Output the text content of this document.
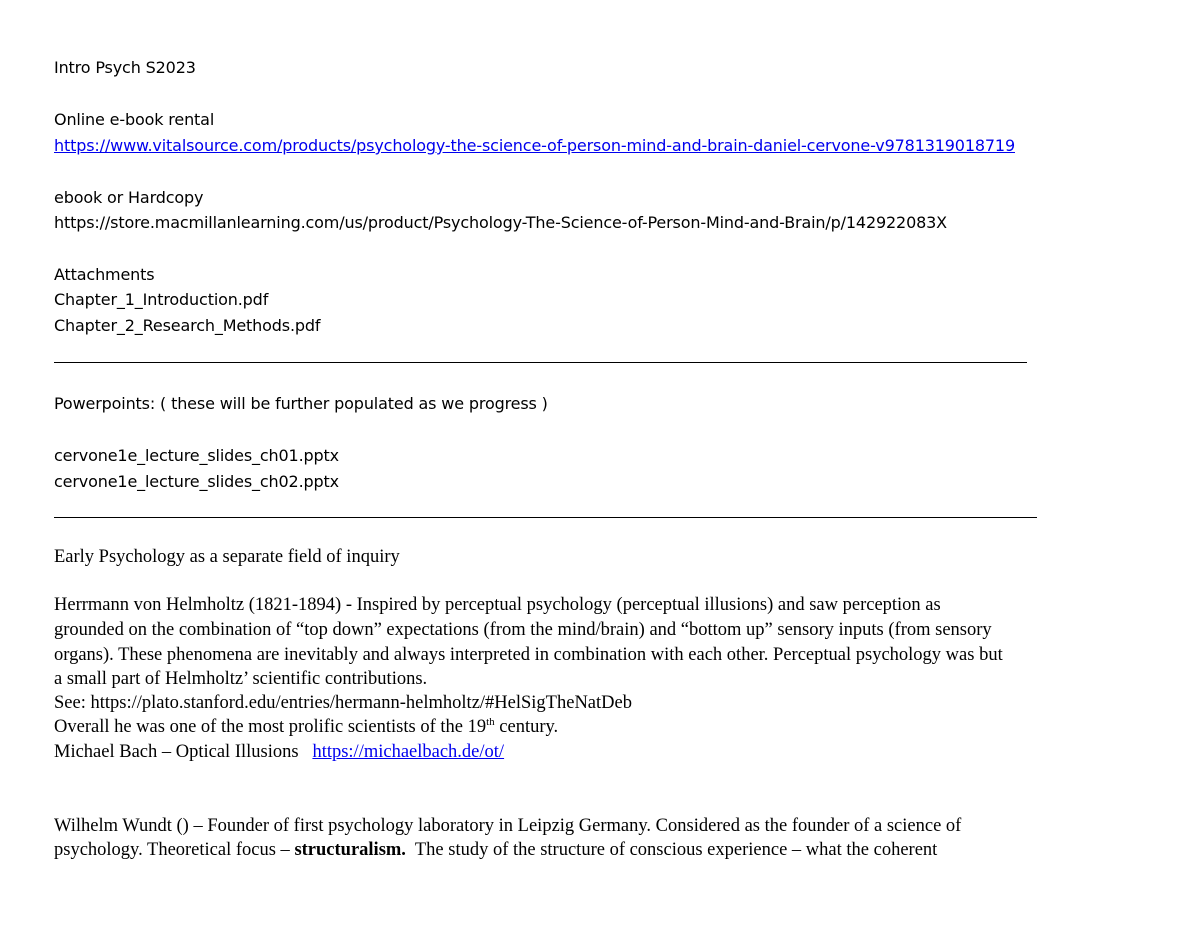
Intro Psych S2023
Online e-book rental
https://www.vitalsource.com/products/psychology-the-science-of-person-mind-and-brain-daniel-cervone-v9781319018719
ebook or Hardcopy
https://store.macmillanlearning.com/us/product/Psychology-The-Science-of-Person-Mind-and-Brain/p/142922083X
Attachments
Chapter_1_Introduction.pdf
Chapter_2_Research_Methods.pdf
Powerpoints: ( these will be further populated as we progress )
cervone1e_lecture_slides_ch01.pptx
cervone1e_lecture_slides_ch02.pptx
Early Psychology as a separate field of inquiry
Herrmann von Helmholtz (1821-1894) - Inspired by perceptual psychology (perceptual illusions) and saw perception as
grounded on the combination of “top down” expectations (from the mind/brain) and “bottom up” sensory inputs (from sensory
organs). These phenomena are inevitably and always interpreted in combination with each other. Perceptual psychology was but
a small part of Helmholtz’ scientific contributions.
See: https://plato.stanford.edu/entries/hermann-helmholtz/#HelSigTheNatDeb
Overall he was one of the most prolific scientists of the 19th century.
Michael Bach – Optical Illusions   https://michaelbach.de/ot/
Wilhelm Wundt () – Founder of first psychology laboratory in Leipzig Germany. Considered as the founder of a science of
psychology. Theoretical focus – structuralism.  The study of the structure of conscious experience – what the coherent
